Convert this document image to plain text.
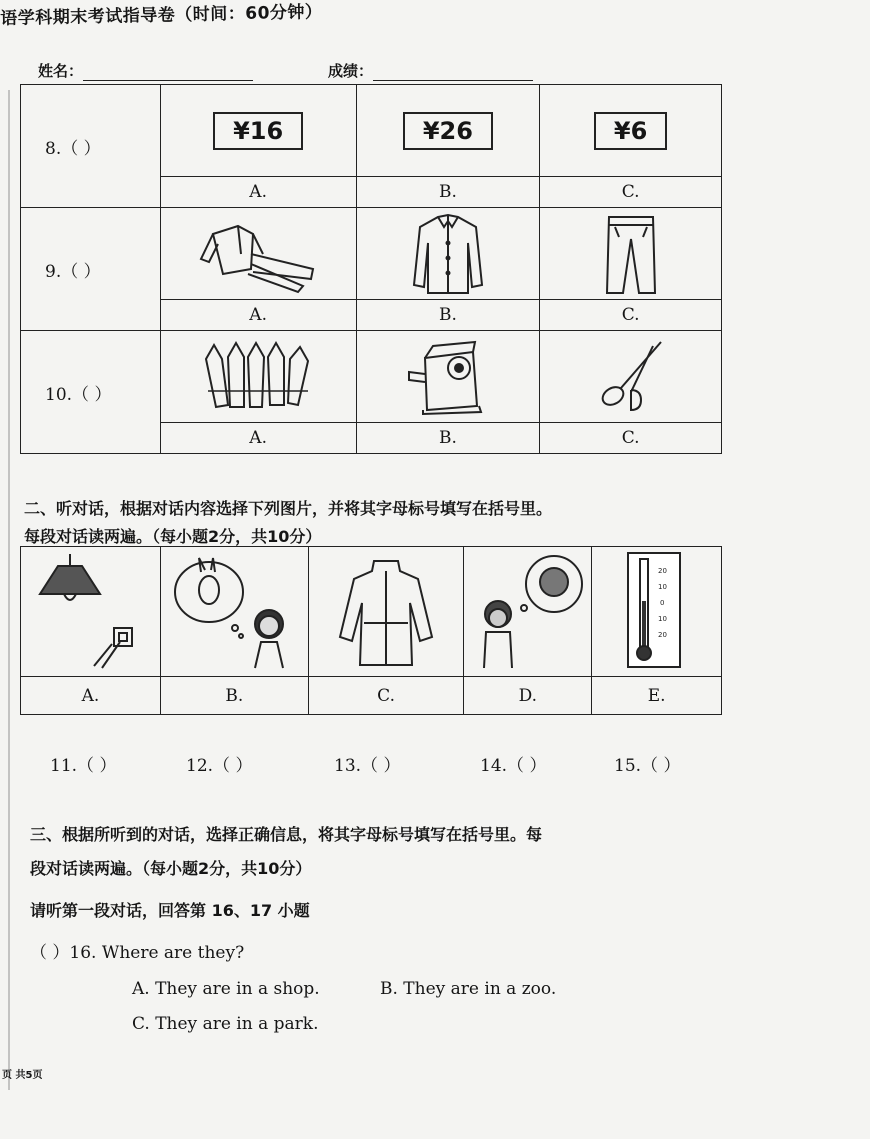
语学科期末考试指导卷（时间：60分钟）
姓名：	成绩：
8.（ ）	¥16	¥26	¥6
	A.	B.	C.
9.（ ）	

	A.	B.	C.
10.（ ）	

	A.	B.	C.
二、听对话，根据对话内容选择下列图片，并将其字母标号填写在括号里。
每段对话读两遍。（每小题2分，共10分）

20
10
0
10
20

A.	B.	C.	D.	E.
11.（ ）	12.（ ）	13.（ ）	14.（ ）	15.（ ）
三、根据所听到的对话，选择正确信息，将其字母标号填写在括号里。每
段对话读两遍。（每小题2分，共10分）
请听第一段对话，回答第 16、17 小题
（ ）16. Where are they?
A. They are in a shop.	B. They are in a zoo.
C. They are in a park.
页 共5页
